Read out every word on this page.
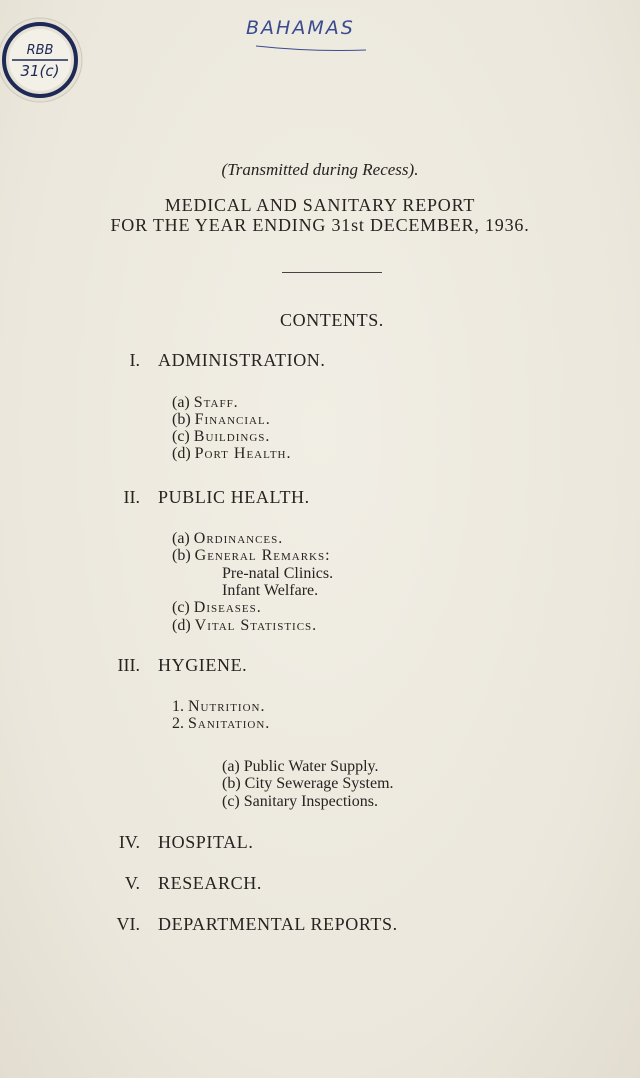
RBB
31(c)
BAHAMAS
(Transmitted during Recess).
MEDICAL AND SANITARY REPORT
FOR THE YEAR ENDING 31st DECEMBER, 1936.
CONTENTS.
I. ADMINISTRATION.
(a) Staff.
(b) Financial.
(c) Buildings.
(d) Port Health.
II. PUBLIC HEALTH.
(a) Ordinances.
(b) General Remarks:
Pre-natal Clinics.
Infant Welfare.
(c) Diseases.
(d) Vital Statistics.
III. HYGIENE.
1. Nutrition.
2. Sanitation.
(a) Public Water Supply.
(b) City Sewerage System.
(c) Sanitary Inspections.
IV. HOSPITAL.
V. RESEARCH.
VI. DEPARTMENTAL REPORTS.
